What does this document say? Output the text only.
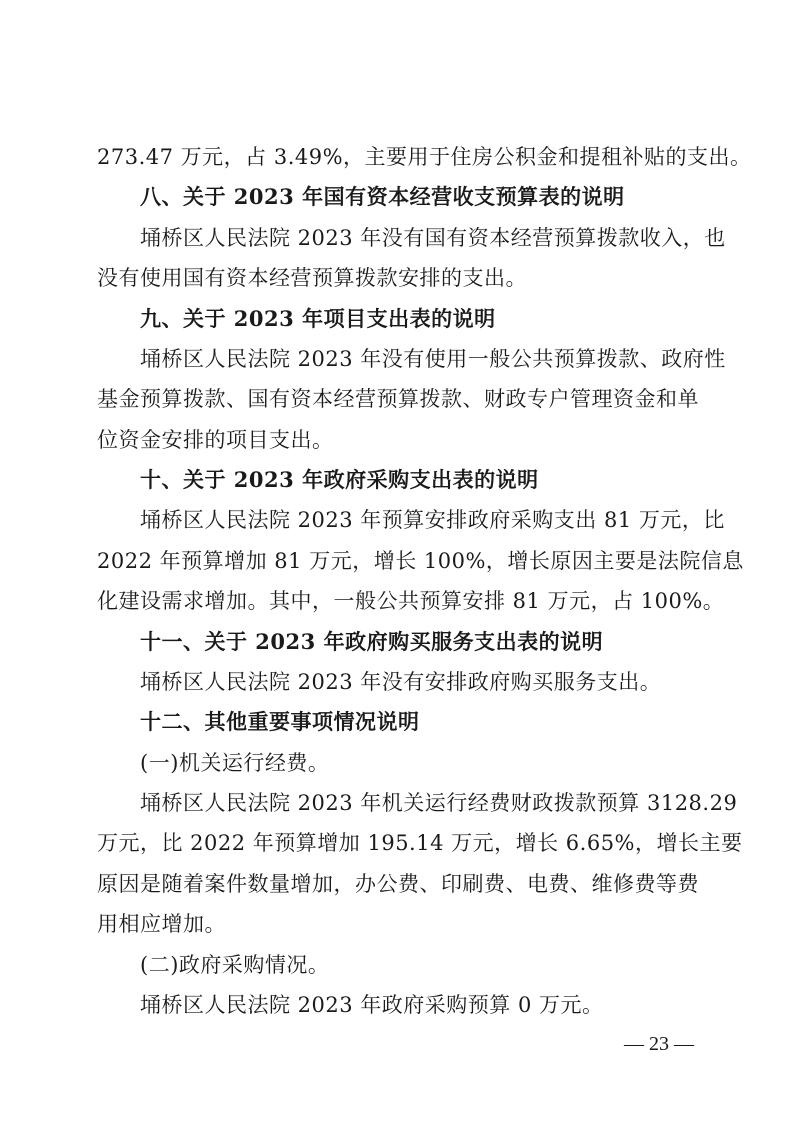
273.47 万元，占 3.49%，主要用于住房公积金和提租补贴的支出。
八、关于 2023 年国有资本经营收支预算表的说明
埇桥区人民法院 2023 年没有国有资本经营预算拨款收入，也
没有使用国有资本经营预算拨款安排的支出。
九、关于 2023 年项目支出表的说明
埇桥区人民法院 2023 年没有使用一般公共预算拨款、政府性
基金预算拨款、国有资本经营预算拨款、财政专户管理资金和单
位资金安排的项目支出。
十、关于 2023 年政府采购支出表的说明
埇桥区人民法院 2023 年预算安排政府采购支出 81 万元，比
2022 年预算增加 81 万元，增长 100%，增长原因主要是法院信息
化建设需求增加。其中，一般公共预算安排 81 万元，占 100%。
十一、关于 2023 年政府购买服务支出表的说明
埇桥区人民法院 2023 年没有安排政府购买服务支出。
十二、其他重要事项情况说明
(一)机关运行经费。
埇桥区人民法院 2023 年机关运行经费财政拨款预算 3128.29
万元，比 2022 年预算增加 195.14 万元，增长 6.65%，增长主要
原因是随着案件数量增加，办公费、印刷费、电费、维修费等费
用相应增加。
(二)政府采购情况。
埇桥区人民法院 2023 年政府采购预算 0 万元。
— 23 —
